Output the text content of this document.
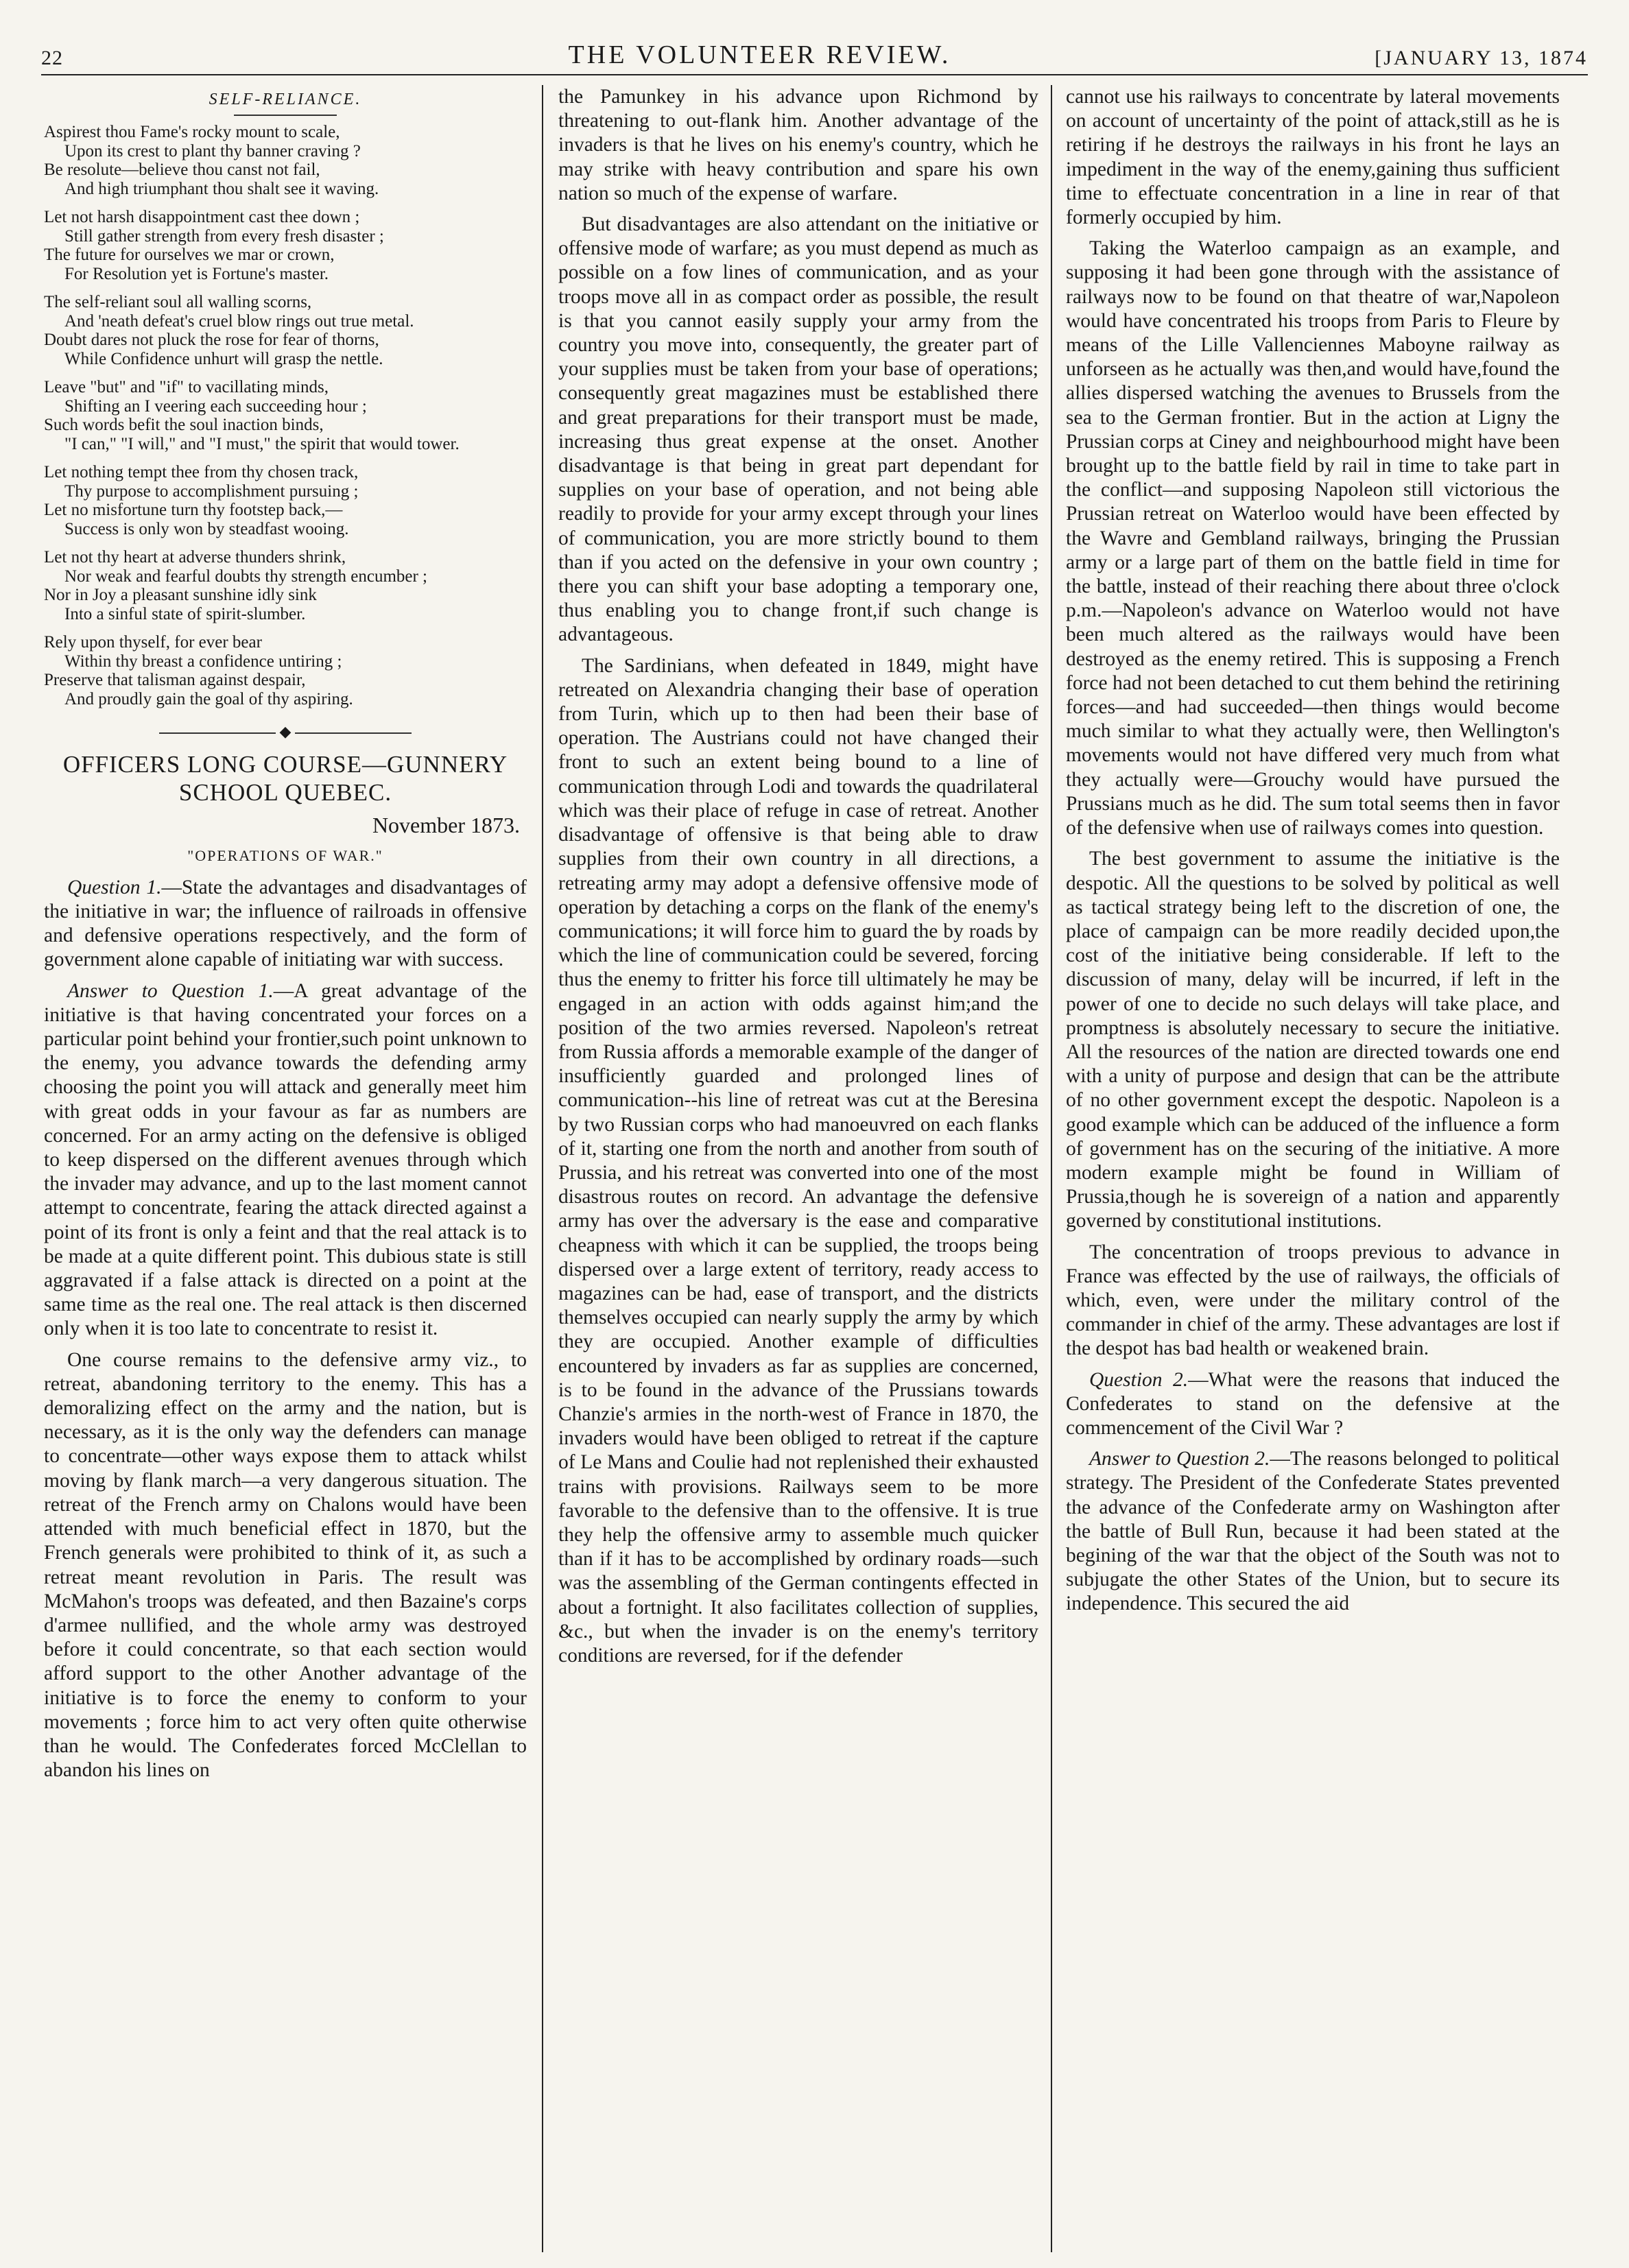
22	THE VOLUNTEER REVIEW.	[JANUARY 13, 1874
SELF-RELIANCE.
Aspirest thou Fame's rocky mount to scale,
Upon its crest to plant thy banner craving ?
Be resolute—believe thou canst not fail,
And high triumphant thou shalt see it waving.
Let not harsh disappointment cast thee down ;
Still gather strength from every fresh disaster ;
The future for ourselves we mar or crown,
For Resolution yet is Fortune's master.
The self-reliant soul all walling scorns,
And 'neath defeat's cruel blow rings out true metal.
Doubt dares not pluck the rose for fear of thorns,
While Confidence unhurt will grasp the nettle.
Leave "but" and "if" to vacillating minds,
Shifting an I veering each succeeding hour ;
Such words befit the soul inaction binds,
"I can," "I will," and "I must," the spirit that would tower.
Let nothing tempt thee from thy chosen track,
Thy purpose to accomplishment pursuing ;
Let no misfortune turn thy footstep back,—
Success is only won by steadfast wooing.
Let not thy heart at adverse thunders shrink,
Nor weak and fearful doubts thy strength encumber ;
Nor in Joy a pleasant sunshine idly sink
Into a sinful state of spirit-slumber.
Rely upon thyself, for ever bear
Within thy breast a confidence untiring ;
Preserve that talisman against despair,
And proudly gain the goal of thy aspiring.
◆
OFFICERS LONG COURSE—GUNNERY SCHOOL QUEBEC.
November 1873.
"OPERATIONS OF WAR."

Question 1.—State the advantages and disadvantages of the initiative in war; the influence of railroads in offensive and defensive operations respectively, and the form of government alone capable of initiating war with success.

Answer to Question 1.—A great advantage of the initiative is that having concentrated your forces on a particular point behind your frontier,such point unknown to the enemy, you advance towards the defending army choosing the point you will attack and generally meet him with great odds in your favour as far as numbers are concerned. For an army acting on the defensive is obliged to keep dispersed on the different avenues through which the invader may advance, and up to the last moment cannot attempt to concentrate, fearing the attack directed against a point of its front is only a feint and that the real attack is to be made at a quite different point. This dubious state is still aggravated if a false attack is directed on a point at the same time as the real one. The real attack is then discerned only when it is too late to concentrate to resist it.

One course remains to the defensive army viz., to retreat, abandoning territory to the enemy. This has a demoralizing effect on the army and the nation, but is necessary, as it is the only way the defenders can manage to concentrate—other ways expose them to attack whilst moving by flank march—a very dangerous situation. The retreat of the French army on Chalons would have been attended with much beneficial effect in 1870, but the French generals were prohibited to think of it, as such a retreat meant revolution in Paris. The result was McMahon's troops was defeated, and then Bazaine's corps d'armee nullified, and the whole army was destroyed before it could concentrate, so that each section would afford support to the other Another advantage of the initiative is to force the enemy to conform to your movements ; force him to act very often quite otherwise than he would. The Confederates forced McClellan to abandon his lines on

the Pamunkey in his advance upon Richmond by threatening to out-flank him. Another advantage of the invaders is that he lives on his enemy's country, which he may strike with heavy contribution and spare his own nation so much of the expense of warfare.

But disadvantages are also attendant on the initiative or offensive mode of warfare; as you must depend as much as possible on a fow lines of communication, and as your troops move all in as compact order as possible, the result is that you cannot easily supply your army from the country you move into, consequently, the greater part of your supplies must be taken from your base of operations; consequently great magazines must be established there and great preparations for their transport must be made, increasing thus great expense at the onset. Another disadvantage is that being in great part dependant for supplies on your base of operation, and not being able readily to provide for your army except through your lines of communication, you are more strictly bound to them than if you acted on the defensive in your own country ; there you can shift your base adopting a temporary one, thus enabling you to change front,if such change is advantageous.

The Sardinians, when defeated in 1849, might have retreated on Alexandria changing their base of operation from Turin, which up to then had been their base of operation. The Austrians could not have changed their front to such an extent being bound to a line of communication through Lodi and towards the quadrilateral which was their place of refuge in case of retreat. Another disadvantage of offensive is that being able to draw supplies from their own country in all directions, a retreating army may adopt a defensive offensive mode of operation by detaching a corps on the flank of the enemy's communications; it will force him to guard the by roads by which the line of communication could be severed, forcing thus the enemy to fritter his force till ultimately he may be engaged in an action with odds against him;and the position of the two armies reversed. Napoleon's retreat from Russia affords a memorable example of the danger of insufficiently guarded and prolonged lines of communication--his line of retreat was cut at the Beresina by two Russian corps who had manoeuvred on each flanks of it, starting one from the north and another from south of Prussia, and his retreat was converted into one of the most disastrous routes on record. An advantage the defensive army has over the adversary is the ease and comparative cheapness with which it can be supplied, the troops being dispersed over a large extent of territory, ready access to magazines can be had, ease of transport, and the districts themselves occupied can nearly supply the army by which they are occupied. Another example of difficulties encountered by invaders as far as supplies are concerned, is to be found in the advance of the Prussians towards Chanzie's armies in the north-west of France in 1870, the invaders would have been obliged to retreat if the capture of Le Mans and Coulie had not replenished their exhausted trains with provisions. Railways seem to be more favorable to the defensive than to the offensive. It is true they help the offensive army to assemble much quicker than if it has to be accomplished by ordinary roads—such was the assembling of the German contingents effected in about a fortnight. It also facilitates collection of supplies, &c., but when the invader is on the enemy's territory conditions are reversed, for if the defender

cannot use his railways to concentrate by lateral movements on account of uncertainty of the point of attack,still as he is retiring if he destroys the railways in his front he lays an impediment in the way of the enemy,gaining thus sufficient time to effectuate concentration in a line in rear of that formerly occupied by him.

Taking the Waterloo campaign as an example, and supposing it had been gone through with the assistance of railways now to be found on that theatre of war,Napoleon would have concentrated his troops from Paris to Fleure by means of the Lille Vallenciennes Maboyne railway as unforseen as he actually was then,and would have,found the allies dispersed watching the avenues to Brussels from the sea to the German frontier. But in the action at Ligny the Prussian corps at Ciney and neighbourhood might have been brought up to the battle field by rail in time to take part in the conflict—and supposing Napoleon still victorious the Prussian retreat on Waterloo would have been effected by the Wavre and Gembland railways, bringing the Prussian army or a large part of them on the battle field in time for the battle, instead of their reaching there about three o'clock p.m.—Napoleon's advance on Waterloo would not have been much altered as the railways would have been destroyed as the enemy retired. This is supposing a French force had not been detached to cut them behind the retirining forces—and had succeeded—then things would become much similar to what they actually were, then Wellington's movements would not have differed very much from what they actually were—Grouchy would have pursued the Prussians much as he did. The sum total seems then in favor of the defensive when use of railways comes into question.

The best government to assume the initiative is the despotic. All the questions to be solved by political as well as tactical strategy being left to the discretion of one, the place of campaign can be more readily decided upon,the cost of the initiative being considerable. If left to the discussion of many, delay will be incurred, if left in the power of one to decide no such delays will take place, and promptness is absolutely necessary to secure the initiative. All the resources of the nation are directed towards one end with a unity of purpose and design that can be the attribute of no other government except the despotic. Napoleon is a good example which can be adduced of the influence a form of government has on the securing of the initiative. A more modern example might be found in William of Prussia,though he is sovereign of a nation and apparently governed by constitutional institutions.

The concentration of troops previous to advance in France was effected by the use of railways, the officials of which, even, were under the military control of the commander in chief of the army. These advantages are lost if the despot has bad health or weakened brain.

Question 2.—What were the reasons that induced the Confederates to stand on the defensive at the commencement of the Civil War ?

Answer to Question 2.—The reasons belonged to political strategy. The President of the Confederate States prevented the advance of the Confederate army on Washington after the battle of Bull Run, because it had been stated at the begining of the war that the object of the South was not to subjugate the other States of the Union, but to secure its independence. This secured the aid
